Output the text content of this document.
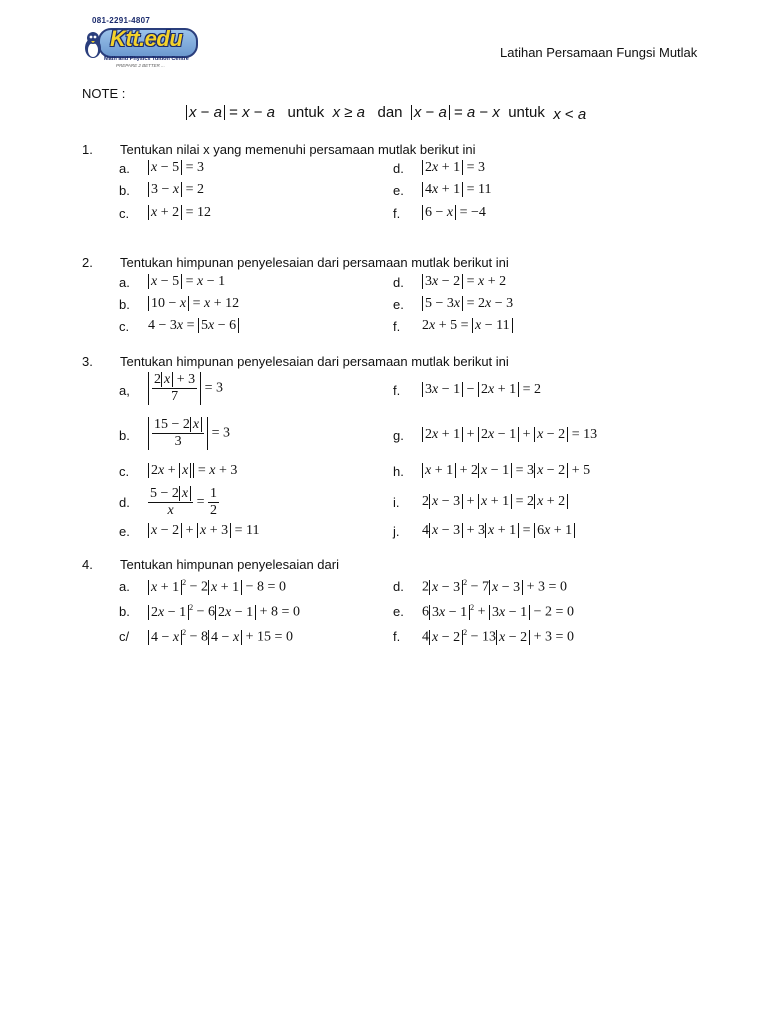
081-2291-4807
Ktt.edu
Math and Physics Tuition Centre
PREPARE 2 BETTER ...
Latihan Persamaan Fungsi Mutlak
NOTE :
x − a = x − a   untuk  x ≥ a   dan  x − a = a − x  untuk  x < a
1. Tentukan nilai x yang memenuhi persamaan mutlak berikut ini
a. x − 5 = 3
b. 3 − x = 2
c. x + 2 = 12
d. 2x + 1 = 3
e. 4x + 1 = 11
f. 6 − x = −4
2. Tentukan himpunan penyelesaian dari persamaan mutlak berikut ini
a. x − 5 = x − 1
b. 10 − x = x + 12
c. 4 − 3x = 5x − 6
d. 3x − 2 = x + 2
e. 5 − 3x = 2x − 3
f. 2x + 5 = x − 11
3. Tentukan himpunan penyelesaian dari persamaan mutlak berikut ini
a, $\frac{2 x + 3}{7} = 3$
b. $\frac{15 - 2 x}{3} = 3$
c. 2x + x = x + 3
d. $\frac{5 - 2 x}{x} = \frac{1}{2}$
e. x − 2 + x + 3 = 11
f. 3x − 1 − 2x + 1 = 2
g. 2x + 1 + 2x − 1 + x − 2 = 13
h. x + 1 + 2 x − 1 = 3 x − 2 + 5
i. 2 x − 3 + x + 1 = 2 x + 2
j. 4 x − 3 + 3 x + 1 = 6x + 1
4. Tentukan himpunan penyelesaian dari
a. x + 1 $^2$ − 2 x + 1 − 8 = 0
b. 2x − 1 $^2$ − 6 2x − 1 + 8 = 0
c/ 4 − x $^2$ − 8 4 − x + 15 = 0
d. 2 x − 3 $^2$ − 7 x − 3 + 3 = 0
e. 6 3x − 1 $^2$ + 3x − 1 − 2 = 0
f. 4 x − 2 $^2$ − 13 x − 2 + 3 = 0
